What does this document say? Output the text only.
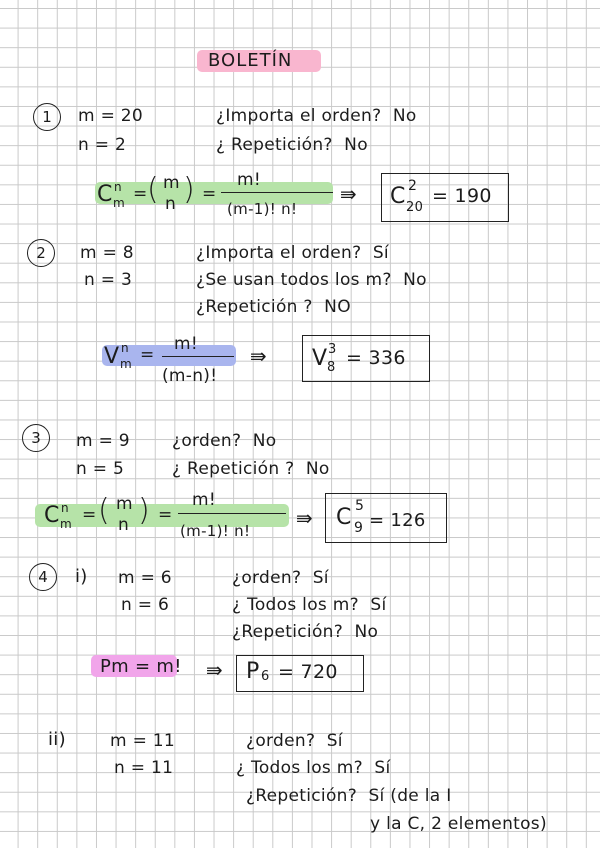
BOLETÍN
1	m = 20
n = 2
¿Importa el orden? No
¿ Repetición? No
C n
m = ( m
n ) =
m!
(m-1)! n!
⇛ C 2
20
= 190
2	m = 8
n = 3
¿Importa el orden? Sí
¿Se usan todos los m? No
¿Repetición ? NO
V n
m =
m!
(m-n)!
⇛ V 3
8 = 336
3	m = 9
n = 5
¿orden? No
¿ Repetición ? No
C n
m = ( m
n ) =
m!
(m-1)! n!
⇛ C 5
9 = 126
4	i) m = 6
n = 6
¿orden? Sí
¿ Todos los m? Sí
¿Repetición? No
Pm = m! ⇛ P 6 = 720
ii)	m = 11
n = 11
¿orden? Sí
¿ Todos los m? Sí
¿Repetición? Sí (de la I
y la C, 2 elementos)
